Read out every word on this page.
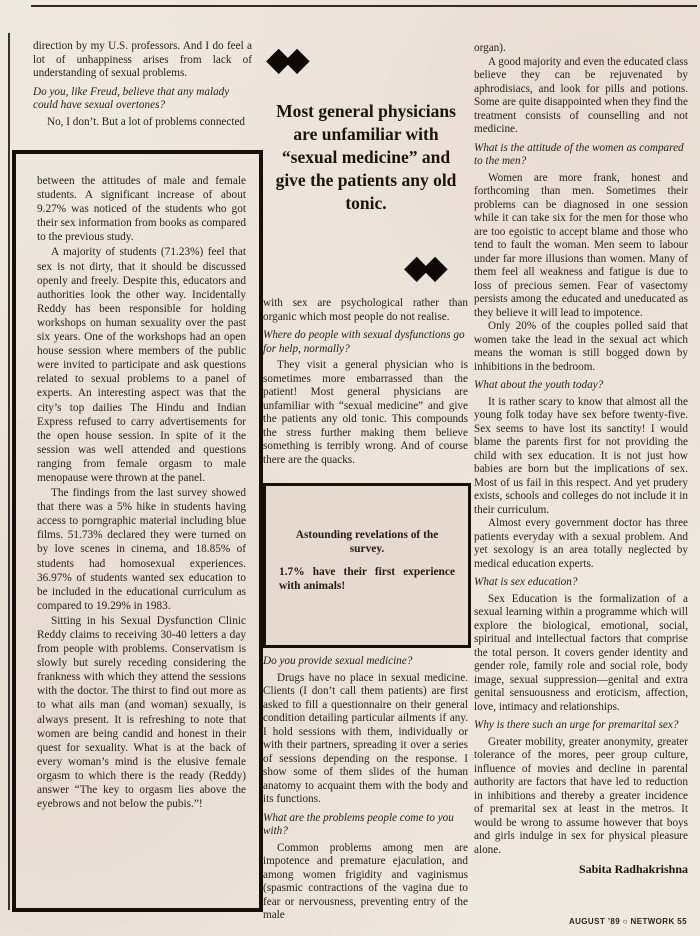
direction by my U.S. professors. And I do feel a lot of unhappiness arises from lack of understanding of sexual problems.

Do you, like Freud, believe that any malady could have sexual overtones?

No, I don’t. But a lot of problems connected

between the attitudes of male and female students. A significant increase of about 9.27% was noticed of the students who got their sex information from books as compared to the previous study.

A majority of students (71.23%) feel that sex is not dirty, that it should be discussed openly and freely. Despite this, educators and authorities look the other way. Incidentally Reddy has been responsible for holding workshops on human sexuality over the past six years. One of the workshops had an open house session where members of the public were invited to participate and ask questions related to sexual problems to a panel of experts. An interesting aspect was that the city’s top dailies The Hindu and Indian Express refused to carry advertisements for the open house session. In spite of it the session was well attended and questions ranging from female orgasm to male menopause were thrown at the panel.

The findings from the last survey showed that there was a 5% hike in students having access to porngraphic material including blue films. 51.73% declared they were turned on by love scenes in cinema, and 18.85% of students had homosexual experiences. 36.97% of students wanted sex education to be included in the educational curriculum as compared to 19.29% in 1983.

Sitting in his Sexual Dysfunction Clinic Reddy claims to receiving 30-40 letters a day from people with problems. Conservatism is slowly but surely receding considering the frankness with which they attend the sessions with the doctor. The thirst to find out more as to what ails man (and woman) sexually, is always present. It is refreshing to note that women are being candid and honest in their quest for sexuality. What is at the back of every woman’s mind is the elusive female orgasm to which there is the ready (Reddy) answer “The key to orgasm lies above the eyebrows and not below the pubis.”!

◆◆
Most general physicians are unfamiliar with “sexual medicine” and give the patients any old tonic.
◆◆

with sex are psychological rather than organic which most people do not realise.

Where do people with sexual dysfunctions go for help, normally?

They visit a general physician who is sometimes more embarrassed than the patient! Most general physicians are unfamiliar with “sexual medicine” and give the patients any old tonic. This compounds the stress further making them believe something is terribly wrong. And of course there are the quacks.

Astounding revelations of the survey.

1.7% have their first experience with animals!

Do you provide sexual medicine?

Drugs have no place in sexual medicine. Clients (I don’t call them patients) are first asked to fill a questionnaire on their general condition detailing particular ailments if any. I hold sessions with them, individually or with their partners, spreading it over a series of sessions depending on the response. I show some of them slides of the human anatomy to acquaint them with the body and its functions.

What are the problems people come to you with?

Common problems among men are impotence and premature ejaculation, and among women frigidity and vaginismus (spasmic contractions of the vagina due to fear or nervousness, preventing entry of the male

organ).

A good majority and even the educated class believe they can be rejuvenated by aphrodisiacs, and look for pills and potions. Some are quite disappointed when they find the treatment consists of counselling and not medicine.

What is the attitude of the women as compared to the men?

Women are more frank, honest and forthcoming than men. Sometimes their problems can be diagnosed in one session while it can take six for the men for those who are too egoistic to accept blame and those who tend to fault the woman. Men seem to labour under far more illusions than women. Many of them feel all weakness and fatigue is due to loss of precious semen. Fear of vasectomy persists among the educated and uneducated as they believe it will lead to impotence.

Only 20% of the couples polled said that women take the lead in the sexual act which means the woman is still bogged down by inhibitions in the bedroom.

What about the youth today?

It is rather scary to know that almost all the young folk today have sex before twenty-five. Sex seems to have lost its sanctity! I would blame the parents first for not providing the child with sex education. It is not just how babies are born but the implications of sex. Most of us fail in this respect. And yet prudery exists, schools and colleges do not include it in their curriculum.

Almost every government doctor has three patients everyday with a sexual problem. And yet sexology is an area totally neglected by medical education experts.

What is sex education?

Sex Education is the formalization of a sexual learning within a programme which will explore the biological, emotional, social, spiritual and intellectual factors that comprise the total person. It covers gender identity and gender role, family role and social role, body image, sexual suppression—genital and extra genital sensuousness and eroticism, affection, love, intimacy and relationships.

Why is there such an urge for premarital sex?

Greater mobility, greater anonymity, greater tolerance of the mores, peer group culture, influence of movies and decline in parental authority are factors that have led to reduction in inhibitions and thereby a greater incidence of premarital sex at least in the metros. It would be wrong to assume however that boys and girls indulge in sex for physical pleasure alone.

Sabita Radhakrishna
AUGUST ’89 ○ NETWORK 55
